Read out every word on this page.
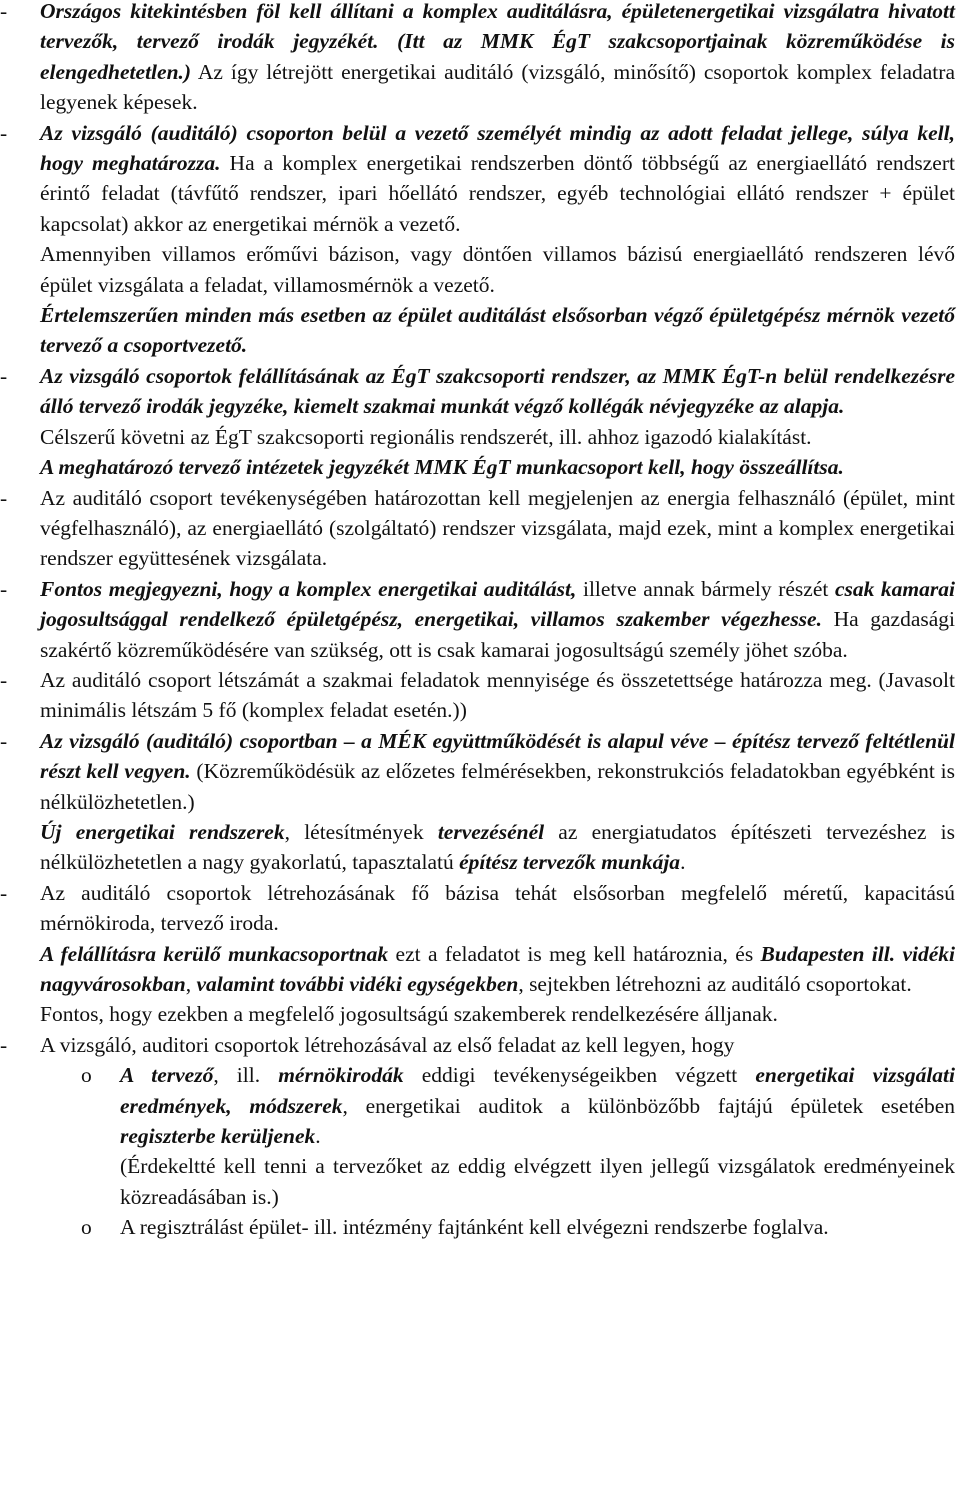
-	Országos kitekintésben föl kell állítani a komplex auditálásra, épületenergetikai vizsgálatra hivatott tervezők, tervező irodák jegyzékét. (Itt az MMK ÉgT szakcsoportjainak közreműködése is elengedhetetlen.) Az így létrejött energetikai auditáló (vizsgáló, minősítő) csoportok komplex feladatra legyenek képesek.
-	Az vizsgáló (auditáló) csoporton belül a vezető személyét mindig az adott feladat jellege, súlya kell, hogy meghatározza. Ha a komplex energetikai rendszerben döntő többségű az energiaellátó rendszert érintő feladat (távfűtő rendszer, ipari hőellátó rendszer, egyéb technológiai ellátó rendszer + épület kapcsolat) akkor az energetikai mérnök a vezető.
Amennyiben villamos erőművi bázison, vagy döntően villamos bázisú energiaellátó rendszeren lévő épület vizsgálata a feladat, villamosmérnök a vezető.
Értelemszerűen minden más esetben az épület auditálást elsősorban végző épületgépész mérnök vezető tervező a csoportvezető.
-	Az vizsgáló csoportok felállításának az ÉgT szakcsoporti rendszer, az MMK ÉgT-n belül rendelkezésre álló tervező irodák jegyzéke, kiemelt szakmai munkát végző kollégák névjegyzéke az alapja.
Célszerű követni az ÉgT szakcsoporti regionális rendszerét, ill. ahhoz igazodó kialakítást.
A meghatározó tervező intézetek jegyzékét MMK ÉgT munkacsoport kell, hogy összeállítsa.
-	Az auditáló csoport tevékenységében határozottan kell megjelenjen az energia felhasználó (épület, mint végfelhasználó), az energiaellátó (szolgáltató) rendszer vizsgálata, majd ezek, mint a komplex energetikai rendszer együttesének vizsgálata.
-	Fontos megjegyezni, hogy a komplex energetikai auditálást, illetve annak bármely részét csak kamarai jogosultsággal rendelkező épületgépész, energetikai, villamos szakember végezhesse. Ha gazdasági szakértő közreműködésére van szükség, ott is csak kamarai jogosultságú személy jöhet szóba.
-	Az auditáló csoport létszámát a szakmai feladatok mennyisége és összetettsége határozza meg. (Javasolt minimális létszám 5 fő (komplex feladat esetén.))
-	Az vizsgáló (auditáló) csoportban – a MÉK együttműködését is alapul véve – építész tervező feltétlenül részt kell vegyen. (Közreműködésük az előzetes felmérésekben, rekonstrukciós feladatokban egyébként is nélkülözhetetlen.)
Új energetikai rendszerek, létesítmények tervezésénél az energiatudatos építészeti tervezéshez is nélkülözhetetlen a nagy gyakorlatú, tapasztalatú építész tervezők munkája.
-	Az auditáló csoportok létrehozásának fő bázisa tehát elsősorban megfelelő méretű, kapacitású mérnökiroda, tervező iroda.
A felállításra kerülő munkacsoportnak ezt a feladatot is meg kell határoznia, és Budapesten ill. vidéki nagyvárosokban, valamint további vidéki egységekben, sejtekben létrehozni az auditáló csoportokat.
Fontos, hogy ezekben a megfelelő jogosultságú szakemberek rendelkezésére álljanak.
-	A vizsgáló, auditori csoportok létrehozásával az első feladat az kell legyen, hogy
o A tervező, ill. mérnökirodák eddigi tevékenységeikben végzett energetikai vizsgálati eredmények, módszerek, energetikai auditok a különbözőbb fajtájú épületek esetében regiszterbe kerüljenek.
(Érdekeltté kell tenni a tervezőket az eddig elvégzett ilyen jellegű vizsgálatok eredményeinek közreadásában is.)
o A regisztrálást épület- ill. intézmény fajtánként kell elvégezni rendszerbe foglalva.
